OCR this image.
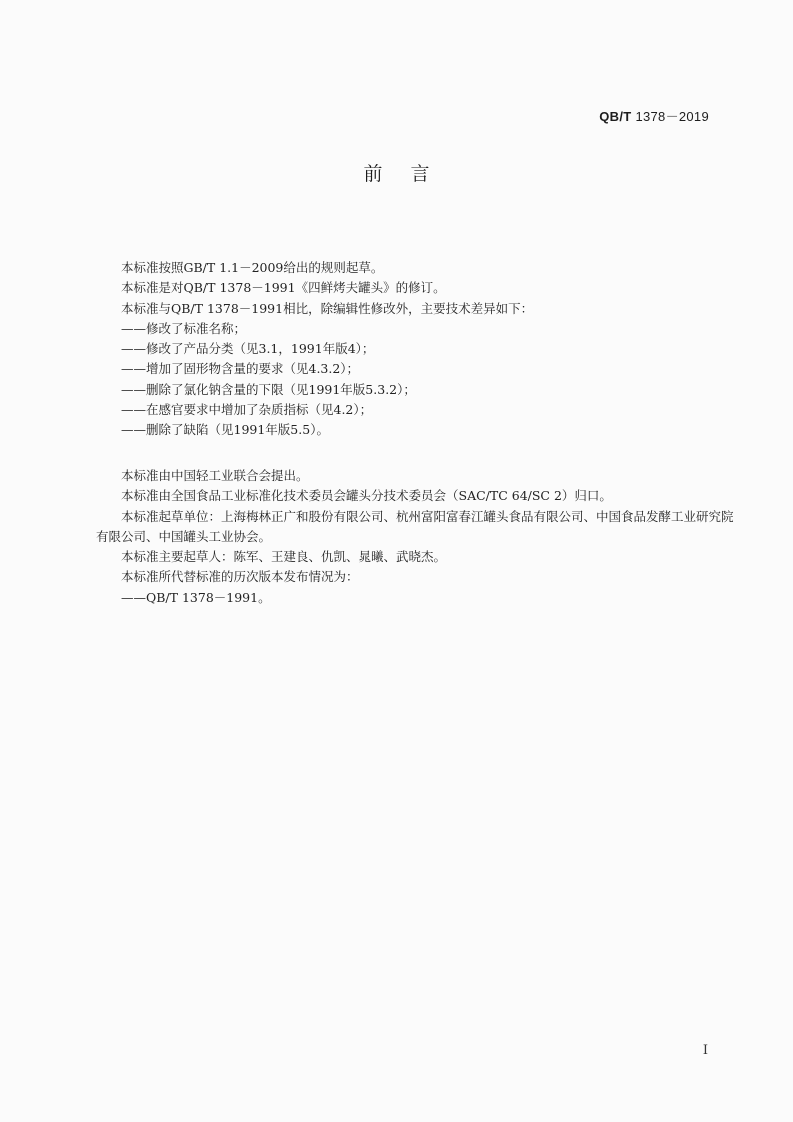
QB/T 1378－2019
前言

本标准按照GB/T 1.1－2009给出的规则起草。

本标准是对QB/T 1378－1991《四鲜烤夫罐头》的修订。

本标准与QB/T 1378－1991相比，除编辑性修改外，主要技术差异如下：

——修改了标准名称；

——修改了产品分类（见3.1，1991年版4）；

——增加了固形物含量的要求（见4.3.2）；

——删除了氯化钠含量的下限（见1991年版5.3.2）；

——在感官要求中增加了杂质指标（见4.2）；

——删除了缺陷（见1991年版5.5）。

本标准由中国轻工业联合会提出。

本标准由全国食品工业标准化技术委员会罐头分技术委员会（SAC/TC 64/SC 2）归口。

本标准起草单位：上海梅林正广和股份有限公司、杭州富阳富春江罐头食品有限公司、中国食品发酵工业研究院有限公司、中国罐头工业协会。

本标准主要起草人：陈军、王建良、仇凯、晁曦、武晓杰。

本标准所代替标准的历次版本发布情况为：

——QB/T 1378－1991。

I
